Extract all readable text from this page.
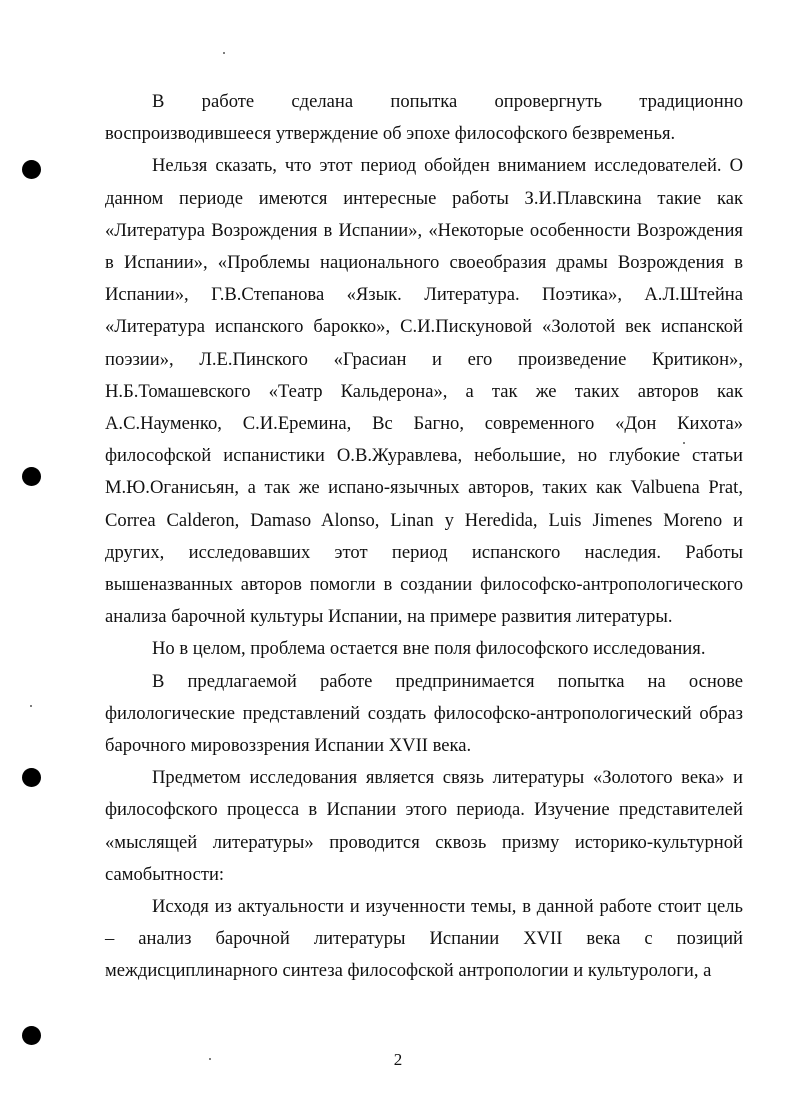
В работе сделана попытка опровергнуть традиционно воспроизводившееся утверждение об эпохе философского безвременья.

Нельзя сказать, что этот период обойден вниманием исследователей. О данном периоде имеются интересные работы З.И.Плавскина такие как «Литература Возрождения в Испании», «Некоторые особенности Возрождения в Испании», «Проблемы национального своеобразия драмы Возрождения в Испании», Г.В.Степанова «Язык. Литература. Поэтика», А.Л.Штейна «Литература испанского барокко», С.И.Пискуновой «Золотой век испанской поэзии», Л.Е.Пинского «Грасиан и его произведение Критикон», Н.Б.Томашевского «Театр Кальдерона», а так же таких авторов как А.С.Науменко, С.И.Еремина, Вс Багно, современного «Дон Кихота» философской испанистики О.В.Журавлева, небольшие, но глубокие статьи М.Ю.Оганисьян, а так же испано-язычных авторов, таких как Valbuena Prat, Correa Calderon, Damaso Alonso, Linan y Heredida, Luis Jimenes Moreno и других, исследовавших этот период испанского наследия. Работы вышеназванных авторов помогли в создании философско-антропологического анализа барочной культуры Испании, на примере развития литературы.

Но в целом, проблема остается вне поля философского исследования.

В предлагаемой работе предпринимается попытка на основе филологические представлений создать философско-антропологический образ барочного мировоззрения Испании XVII века.

Предметом исследования является связь литературы «Золотого века» и философского процесса в Испании этого периода. Изучение представителей «мыслящей литературы» проводится сквозь призму историко-культурной самобытности:

Исходя из актуальности и изученности темы, в данной работе стоит цель – анализ барочной литературы Испании XVII века с позиций междисциплинарного синтеза философской антропологии и культурологи, а

2
